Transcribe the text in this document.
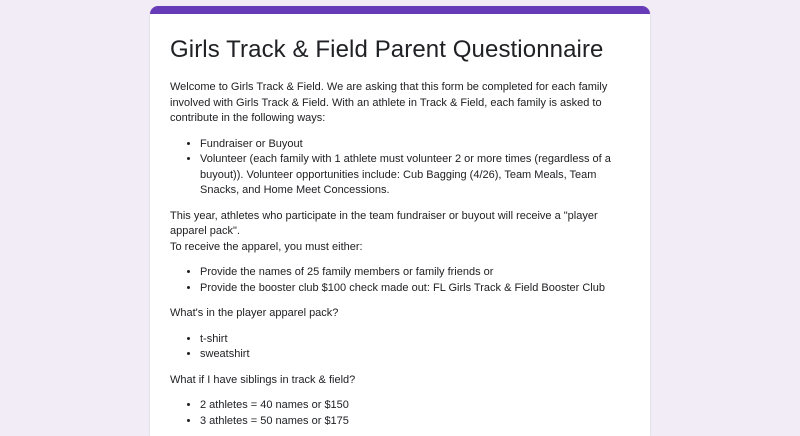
Girls Track & Field Parent Questionnaire

Welcome to Girls Track & Field. We are asking that this form be completed for each family involved with Girls Track & Field. With an athlete in Track & Field, each family is asked to contribute in the following ways:

• Fundraiser or Buyout
• Volunteer (each family with 1 athlete must volunteer 2 or more times (regardless of a buyout)). Volunteer opportunities include: Cub Bagging (4/26), Team Meals, Team Snacks, and Home Meet Concessions.

This year, athletes who participate in the team fundraiser or buyout will receive a "player apparel pack".
To receive the apparel, you must either:

• Provide the names of 25 family members or family friends or
• Provide the booster club $100 check made out: FL Girls Track & Field Booster Club

What's in the player apparel pack?

• t-shirt
• sweatshirt

What if I have siblings in track & field?

• 2 athletes = 40 names or $150
• 3 athletes = 50 names or $175
